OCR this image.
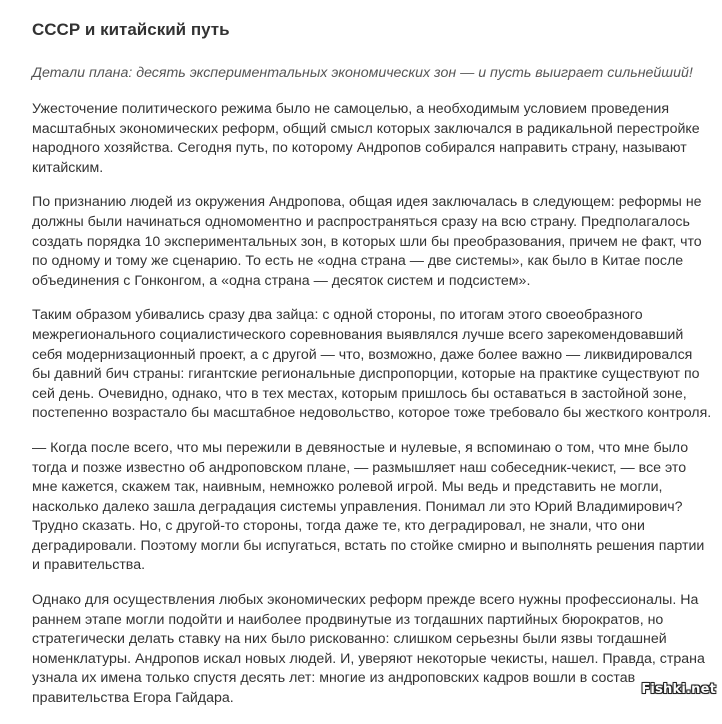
СССР и китайский путь

Детали плана: десять экспериментальных экономических зон — и пусть выиграет сильнейший!

Ужесточение политического режима было не самоцелью, а необходимым условием проведения масштабных экономических реформ, общий смысл которых заключался в радикальной перестройке народного хозяйства. Сегодня путь, по которому Андропов собирался направить страну, называют китайским.

По признанию людей из окружения Андропова, общая идея заключалась в следующем: реформы не должны были начинаться одномоментно и распространяться сразу на всю страну. Предполагалось создать порядка 10 экспериментальных зон, в которых шли бы преобразования, причем не факт, что по одному и тому же сценарию. То есть не «одна страна — две системы», как было в Китае после объединения с Гонконгом, а «одна страна — десяток систем и подсистем».

Таким образом убивались сразу два зайца: с одной стороны, по итогам этого своеобразного межрегионального социалистического соревнования выявлялся лучше всего зарекомендовавший себя модернизационный проект, а с другой — что, возможно, даже более важно — ликвидировался бы давний бич страны: гигантские региональные диспропорции, которые на практике существуют по сей день. Очевидно, однако, что в тех местах, которым пришлось бы оставаться в застойной зоне, постепенно возрастало бы масштабное недовольство, которое тоже требовало бы жесткого контроля.

— Когда после всего, что мы пережили в девяностые и нулевые, я вспоминаю о том, что мне было тогда и позже известно об андроповском плане, — размышляет наш собеседник-чекист, — все это мне кажется, скажем так, наивным, немножко ролевой игрой. Мы ведь и представить не могли, насколько далеко зашла деградация системы управления. Понимал ли это Юрий Владимирович? Трудно сказать. Но, с другой-то стороны, тогда даже те, кто деградировал, не знали, что они деградировали. Поэтому могли бы испугаться, встать по стойке смирно и выполнять решения партии и правительства.

Однако для осуществления любых экономических реформ прежде всего нужны профессионалы. На раннем этапе могли подойти и наиболее продвинутые из тогдашних партийных бюрократов, но стратегически делать ставку на них было рискованно: слишком серьезны были язвы тогдашней номенклатуры. Андропов искал новых людей. И, уверяют некоторые чекисты, нашел. Правда, страна узнала их имена только спустя десять лет: многие из андроповских кадров вошли в состав правительства Егора Гайдара.

Fishki.net
